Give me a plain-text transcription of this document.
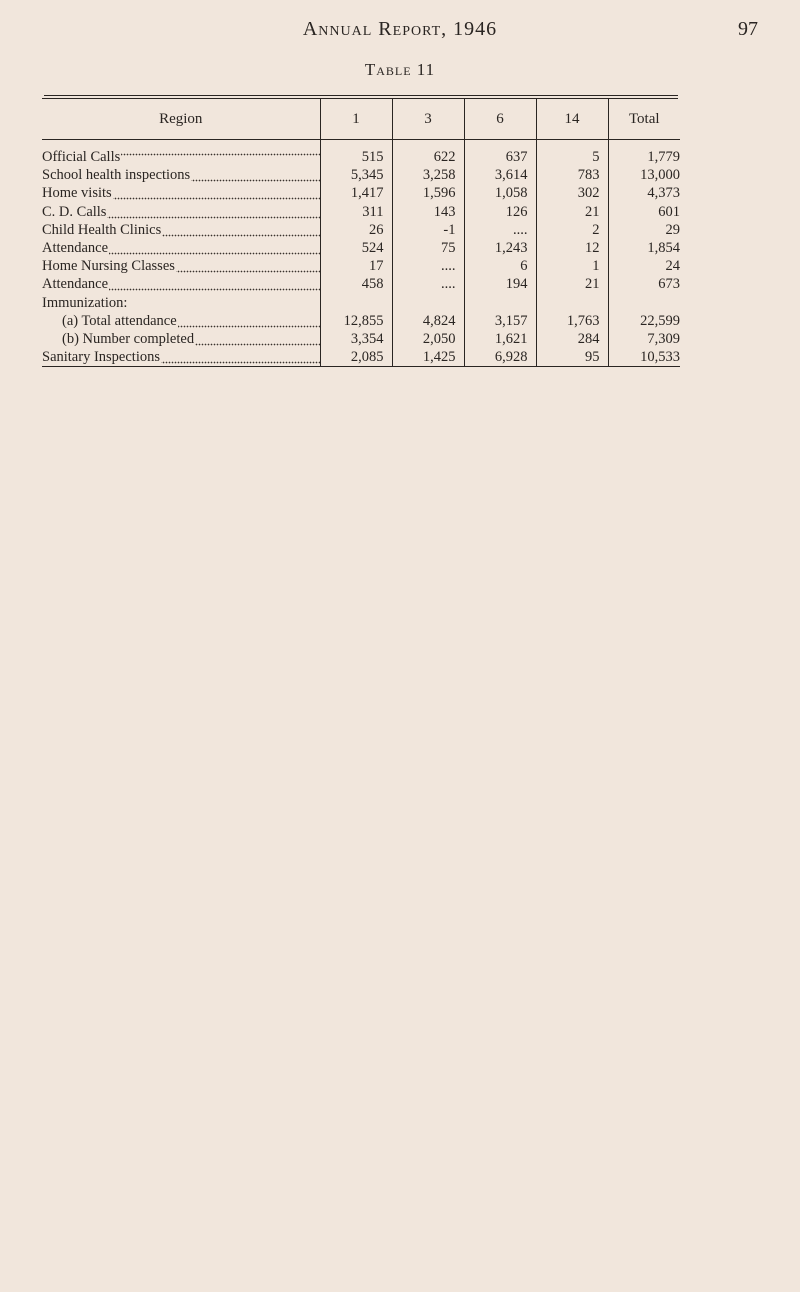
Annual Report, 1946	97
Table 11
Region	1	3	6	14	Total
Official Calls	515	622	637	5	1,779
School health inspections	5,345	3,258	3,614	783	13,000
Home visits	1,417	1,596	1,058	302	4,373
C. D. Calls	311	143	126	21	601
Child Health Clinics	26	-1	....	2	29
Attendance	524	75	1,243	12	1,854
Home Nursing Classes	17	....	6	1	24
Attendance	458	....	194	21	673
Immunization:					
(a) Total attendance	12,855	4,824	3,157	1,763	22,599
(b) Number completed	3,354	2,050	1,621	284	7,309
Sanitary Inspections	2,085	1,425	6,928	95	10,533
